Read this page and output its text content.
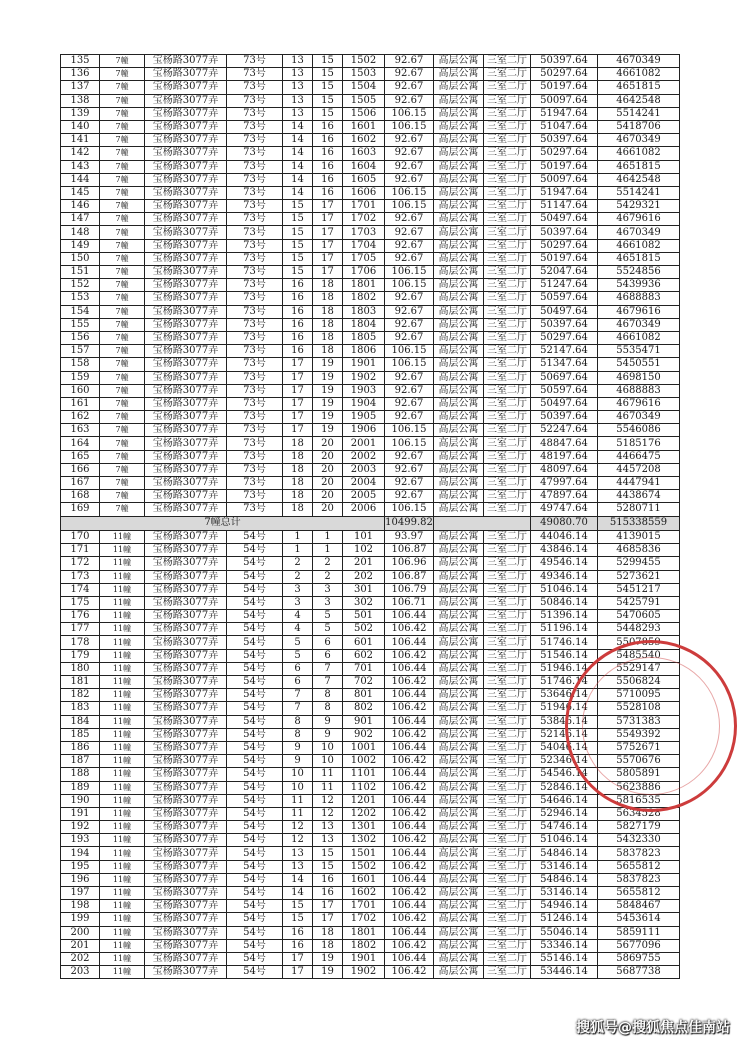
135	7幢	宝杨路3077弄	73号	13	15	1502	92.67	高层公寓	三室二厅	50397.64	4670349
136	7幢	宝杨路3077弄	73号	13	15	1503	92.67	高层公寓	三室二厅	50297.64	4661082
137	7幢	宝杨路3077弄	73号	13	15	1504	92.67	高层公寓	三室二厅	50197.64	4651815
138	7幢	宝杨路3077弄	73号	13	15	1505	92.67	高层公寓	三室二厅	50097.64	4642548
139	7幢	宝杨路3077弄	73号	13	15	1506	106.15	高层公寓	三室二厅	51947.64	5514241
140	7幢	宝杨路3077弄	73号	14	16	1601	106.15	高层公寓	三室二厅	51047.64	5418706
141	7幢	宝杨路3077弄	73号	14	16	1602	92.67	高层公寓	三室二厅	50397.64	4670349
142	7幢	宝杨路3077弄	73号	14	16	1603	92.67	高层公寓	三室二厅	50297.64	4661082
143	7幢	宝杨路3077弄	73号	14	16	1604	92.67	高层公寓	三室二厅	50197.64	4651815
144	7幢	宝杨路3077弄	73号	14	16	1605	92.67	高层公寓	三室二厅	50097.64	4642548
145	7幢	宝杨路3077弄	73号	14	16	1606	106.15	高层公寓	三室二厅	51947.64	5514241
146	7幢	宝杨路3077弄	73号	15	17	1701	106.15	高层公寓	三室二厅	51147.64	5429321
147	7幢	宝杨路3077弄	73号	15	17	1702	92.67	高层公寓	三室二厅	50497.64	4679616
148	7幢	宝杨路3077弄	73号	15	17	1703	92.67	高层公寓	三室二厅	50397.64	4670349
149	7幢	宝杨路3077弄	73号	15	17	1704	92.67	高层公寓	三室二厅	50297.64	4661082
150	7幢	宝杨路3077弄	73号	15	17	1705	92.67	高层公寓	三室二厅	50197.64	4651815
151	7幢	宝杨路3077弄	73号	15	17	1706	106.15	高层公寓	三室二厅	52047.64	5524856
152	7幢	宝杨路3077弄	73号	16	18	1801	106.15	高层公寓	三室二厅	51247.64	5439936
153	7幢	宝杨路3077弄	73号	16	18	1802	92.67	高层公寓	三室二厅	50597.64	4688883
154	7幢	宝杨路3077弄	73号	16	18	1803	92.67	高层公寓	三室二厅	50497.64	4679616
155	7幢	宝杨路3077弄	73号	16	18	1804	92.67	高层公寓	三室二厅	50397.64	4670349
156	7幢	宝杨路3077弄	73号	16	18	1805	92.67	高层公寓	三室二厅	50297.64	4661082
157	7幢	宝杨路3077弄	73号	16	18	1806	106.15	高层公寓	三室二厅	52147.64	5535471
158	7幢	宝杨路3077弄	73号	17	19	1901	106.15	高层公寓	三室二厅	51347.64	5450551
159	7幢	宝杨路3077弄	73号	17	19	1902	92.67	高层公寓	三室二厅	50697.64	4698150
160	7幢	宝杨路3077弄	73号	17	19	1903	92.67	高层公寓	三室二厅	50597.64	4688883
161	7幢	宝杨路3077弄	73号	17	19	1904	92.67	高层公寓	三室二厅	50497.64	4679616
162	7幢	宝杨路3077弄	73号	17	19	1905	92.67	高层公寓	三室二厅	50397.64	4670349
163	7幢	宝杨路3077弄	73号	17	19	1906	106.15	高层公寓	三室二厅	52247.64	5546086
164	7幢	宝杨路3077弄	73号	18	20	2001	106.15	高层公寓	三室二厅	48847.64	5185176
165	7幢	宝杨路3077弄	73号	18	20	2002	92.67	高层公寓	三室二厅	48197.64	4466475
166	7幢	宝杨路3077弄	73号	18	20	2003	92.67	高层公寓	三室二厅	48097.64	4457208
167	7幢	宝杨路3077弄	73号	18	20	2004	92.67	高层公寓	三室二厅	47997.64	4447941
168	7幢	宝杨路3077弄	73号	18	20	2005	92.67	高层公寓	三室二厅	47897.64	4438674
169	7幢	宝杨路3077弄	73号	18	20	2006	106.15	高层公寓	三室二厅	49747.64	5280711
7幢总计							10499.82			49080.70	515338559
170	11幢	宝杨路3077弄	54号	1	1	101	93.97	高层公寓	三室二厅	44046.14	4139015
171	11幢	宝杨路3077弄	54号	1	1	102	106.87	高层公寓	三室二厅	43846.14	4685836
172	11幢	宝杨路3077弄	54号	2	2	201	106.96	高层公寓	三室二厅	49546.14	5299455
173	11幢	宝杨路3077弄	54号	2	2	202	106.87	高层公寓	三室二厅	49346.14	5273621
174	11幢	宝杨路3077弄	54号	3	3	301	106.79	高层公寓	三室二厅	51046.14	5451217
175	11幢	宝杨路3077弄	54号	3	3	302	106.71	高层公寓	三室二厅	50846.14	5425791
176	11幢	宝杨路3077弄	54号	4	5	501	106.44	高层公寓	三室二厅	51396.14	5470605
177	11幢	宝杨路3077弄	54号	4	5	502	106.42	高层公寓	三室二厅	51196.14	5448293
178	11幢	宝杨路3077弄	54号	5	6	601	106.44	高层公寓	三室二厅	51746.14	5507859
179	11幢	宝杨路3077弄	54号	5	6	602	106.42	高层公寓	三室二厅	51546.14	5485540
180	11幢	宝杨路3077弄	54号	6	7	701	106.44	高层公寓	三室二厅	51946.14	5529147
181	11幢	宝杨路3077弄	54号	6	7	702	106.42	高层公寓	三室二厅	51746.14	5506824
182	11幢	宝杨路3077弄	54号	7	8	801	106.44	高层公寓	三室二厅	53646.14	5710095
183	11幢	宝杨路3077弄	54号	7	8	802	106.42	高层公寓	三室二厅	51946.14	5528108
184	11幢	宝杨路3077弄	54号	8	9	901	106.44	高层公寓	三室二厅	53846.14	5731383
185	11幢	宝杨路3077弄	54号	8	9	902	106.42	高层公寓	三室二厅	52146.14	5549392
186	11幢	宝杨路3077弄	54号	9	10	1001	106.44	高层公寓	三室二厅	54046.14	5752671
187	11幢	宝杨路3077弄	54号	9	10	1002	106.42	高层公寓	三室二厅	52346.14	5570676
188	11幢	宝杨路3077弄	54号	10	11	1101	106.44	高层公寓	三室二厅	54546.14	5805891
189	11幢	宝杨路3077弄	54号	10	11	1102	106.42	高层公寓	三室二厅	52846.14	5623886
190	11幢	宝杨路3077弄	54号	11	12	1201	106.44	高层公寓	三室二厅	54646.14	5816535
191	11幢	宝杨路3077弄	54号	11	12	1202	106.42	高层公寓	三室二厅	52946.14	5634528
192	11幢	宝杨路3077弄	54号	12	13	1301	106.44	高层公寓	三室二厅	54746.14	5827179
193	11幢	宝杨路3077弄	54号	12	13	1302	106.42	高层公寓	三室二厅	51046.14	5432330
194	11幢	宝杨路3077弄	54号	13	15	1501	106.44	高层公寓	三室二厅	54846.14	5837823
195	11幢	宝杨路3077弄	54号	13	15	1502	106.42	高层公寓	三室二厅	53146.14	5655812
196	11幢	宝杨路3077弄	54号	14	16	1601	106.44	高层公寓	三室二厅	54846.14	5837823
197	11幢	宝杨路3077弄	54号	14	16	1602	106.42	高层公寓	三室二厅	53146.14	5655812
198	11幢	宝杨路3077弄	54号	15	17	1701	106.44	高层公寓	三室二厅	54946.14	5848467
199	11幢	宝杨路3077弄	54号	15	17	1702	106.42	高层公寓	三室二厅	51246.14	5453614
200	11幢	宝杨路3077弄	54号	16	18	1801	106.44	高层公寓	三室二厅	55046.14	5859111
201	11幢	宝杨路3077弄	54号	16	18	1802	106.42	高层公寓	三室二厅	53346.14	5677096
202	11幢	宝杨路3077弄	54号	17	19	1901	106.44	高层公寓	三室二厅	55146.14	5869755
203	11幢	宝杨路3077弄	54号	17	19	1902	106.42	高层公寓	三室二厅	53446.14	5687738
搜狐号@搜狐焦点佳南站
